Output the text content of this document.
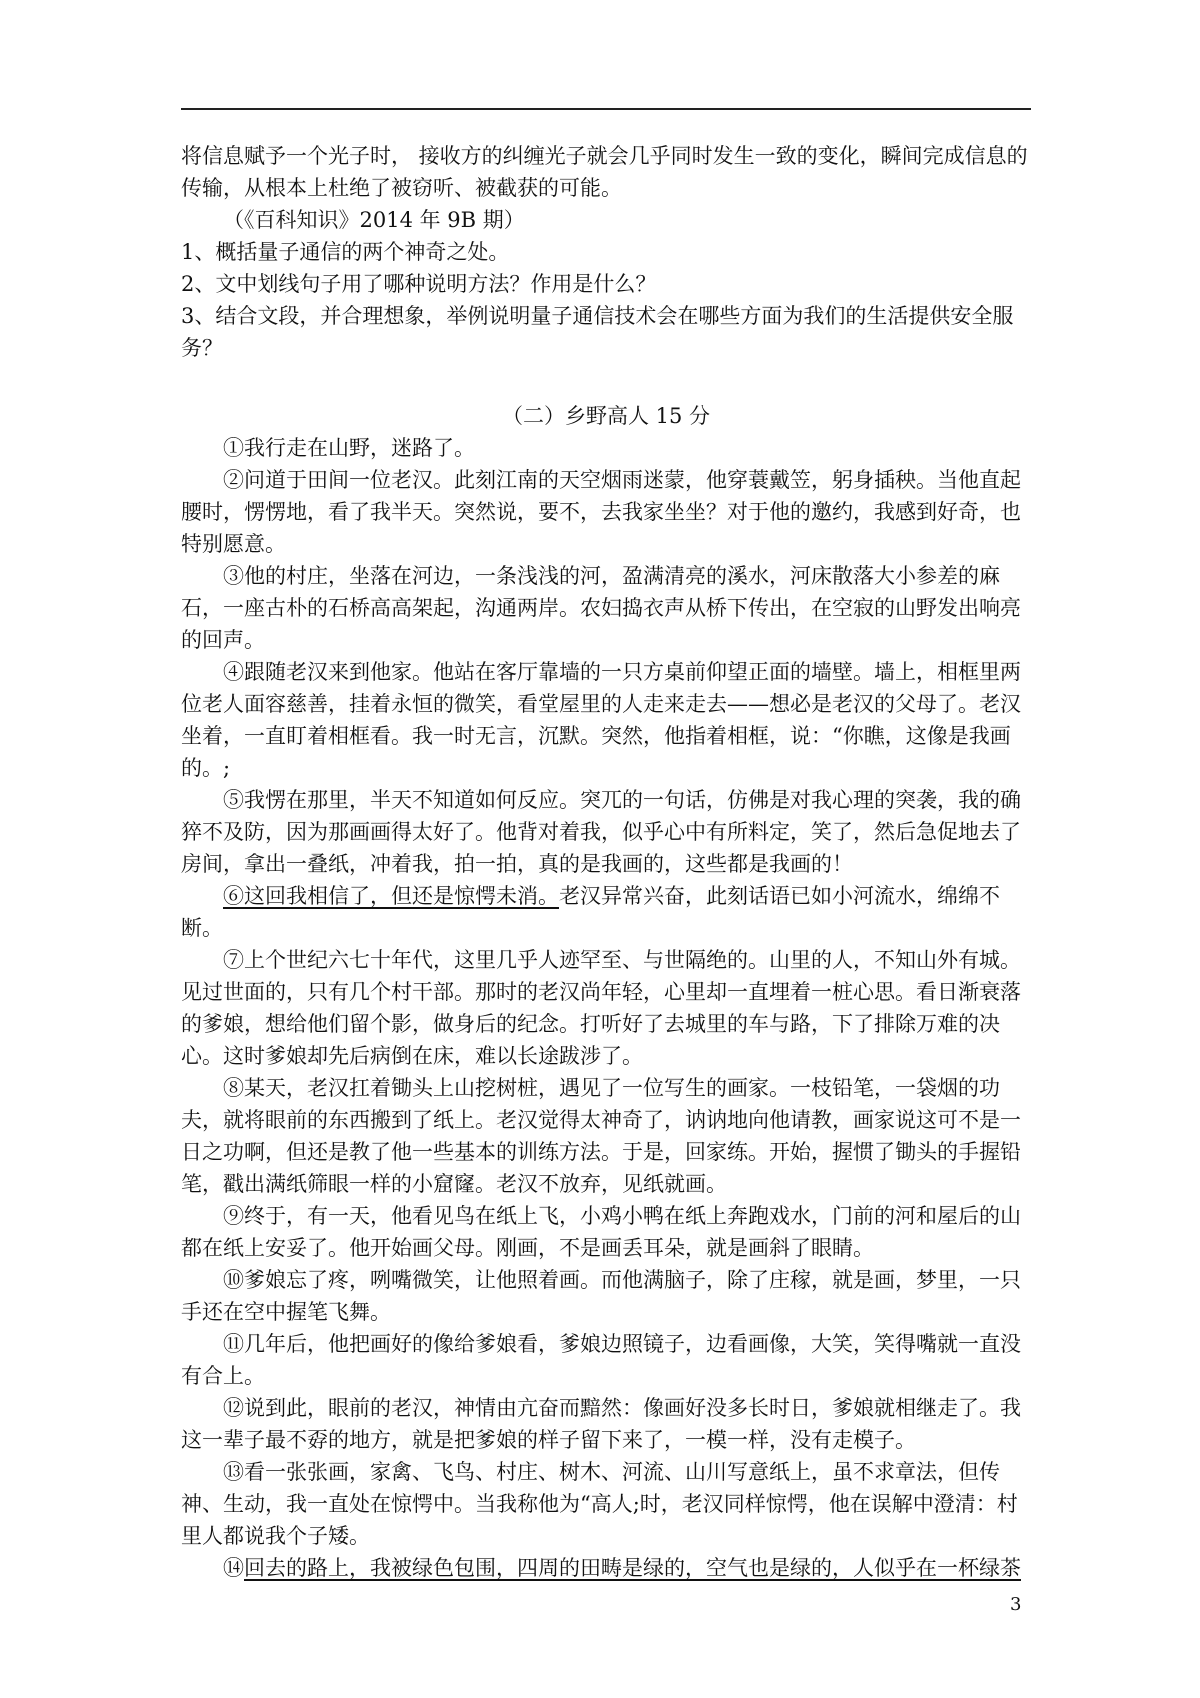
将信息赋予一个光子时， 接收方的纠缠光子就会几乎同时发生一致的变化，瞬间完成信息的传输，从根本上杜绝了被窃听、被截获的可能。

（《百科知识》2014 年 9B 期）

1、概括量子通信的两个神奇之处。

2、文中划线句子用了哪种说明方法？作用是什么？

3、结合文段，并合理想象，举例说明量子通信技术会在哪些方面为我们的生活提供安全服务？

（二）乡野高人 15 分

①我行走在山野，迷路了。

②问道于田间一位老汉。此刻江南的天空烟雨迷蒙，他穿蓑戴笠，躬身插秧。当他直起腰时，愣愣地，看了我半天。突然说，要不，去我家坐坐？对于他的邀约，我感到好奇，也特别愿意。

③他的村庄，坐落在河边，一条浅浅的河，盈满清亮的溪水，河床散落大小参差的麻石，一座古朴的石桥高高架起，沟通两岸。农妇捣衣声从桥下传出，在空寂的山野发出响亮的回声。

④跟随老汉来到他家。他站在客厅靠墙的一只方桌前仰望正面的墙壁。墙上，相框里两位老人面容慈善，挂着永恒的微笑，看堂屋里的人走来走去——想必是老汉的父母了。老汉坐着，一直盯着相框看。我一时无言，沉默。突然，他指着相框，说：“你瞧，这像是我画的。;

⑤我愣在那里，半天不知道如何反应。突兀的一句话，仿佛是对我心理的突袭，我的确猝不及防，因为那画画得太好了。他背对着我，似乎心中有所料定，笑了，然后急促地去了房间，拿出一叠纸，冲着我，拍一拍，真的是我画的，这些都是我画的！

⑥这回我相信了，但还是惊愕未消。老汉异常兴奋，此刻话语已如小河流水，绵绵不断。

⑦上个世纪六七十年代，这里几乎人迹罕至、与世隔绝的。山里的人，不知山外有城。见过世面的，只有几个村干部。那时的老汉尚年轻，心里却一直埋着一桩心思。看日渐衰落的爹娘，想给他们留个影，做身后的纪念。打听好了去城里的车与路，下了排除万难的决心。这时爹娘却先后病倒在床，难以长途跋涉了。

⑧某天，老汉扛着锄头上山挖树桩，遇见了一位写生的画家。一枝铅笔，一袋烟的功夫，就将眼前的东西搬到了纸上。老汉觉得太神奇了，讷讷地向他请教，画家说这可不是一日之功啊，但还是教了他一些基本的训练方法。于是，回家练。开始，握惯了锄头的手握铅笔，戳出满纸筛眼一样的小窟窿。老汉不放弃，见纸就画。

⑨终于，有一天，他看见鸟在纸上飞，小鸡小鸭在纸上奔跑戏水，门前的河和屋后的山都在纸上安妥了。他开始画父母。刚画，不是画丢耳朵，就是画斜了眼睛。

⑩爹娘忘了疼，咧嘴微笑，让他照着画。而他满脑子，除了庄稼，就是画，梦里，一只手还在空中握笔飞舞。

⑪几年后，他把画好的像给爹娘看，爹娘边照镜子，边看画像，大笑，笑得嘴就一直没有合上。

⑫说到此，眼前的老汉，神情由亢奋而黯然：像画好没多长时日，爹娘就相继走了。我这一辈子最不孬的地方，就是把爹娘的样子留下来了，一模一样，没有走模子。

⑬看一张张画，家禽、飞鸟、村庄、树木、河流、山川写意纸上，虽不求章法，但传神、生动，我一直处在惊愕中。当我称他为“高人;时，老汉同样惊愕，他在误解中澄清：村里人都说我个子矮。

⑭回去的路上，我被绿色包围，四周的田畴是绿的，空气也是绿的，人似乎在一杯绿茶

3
